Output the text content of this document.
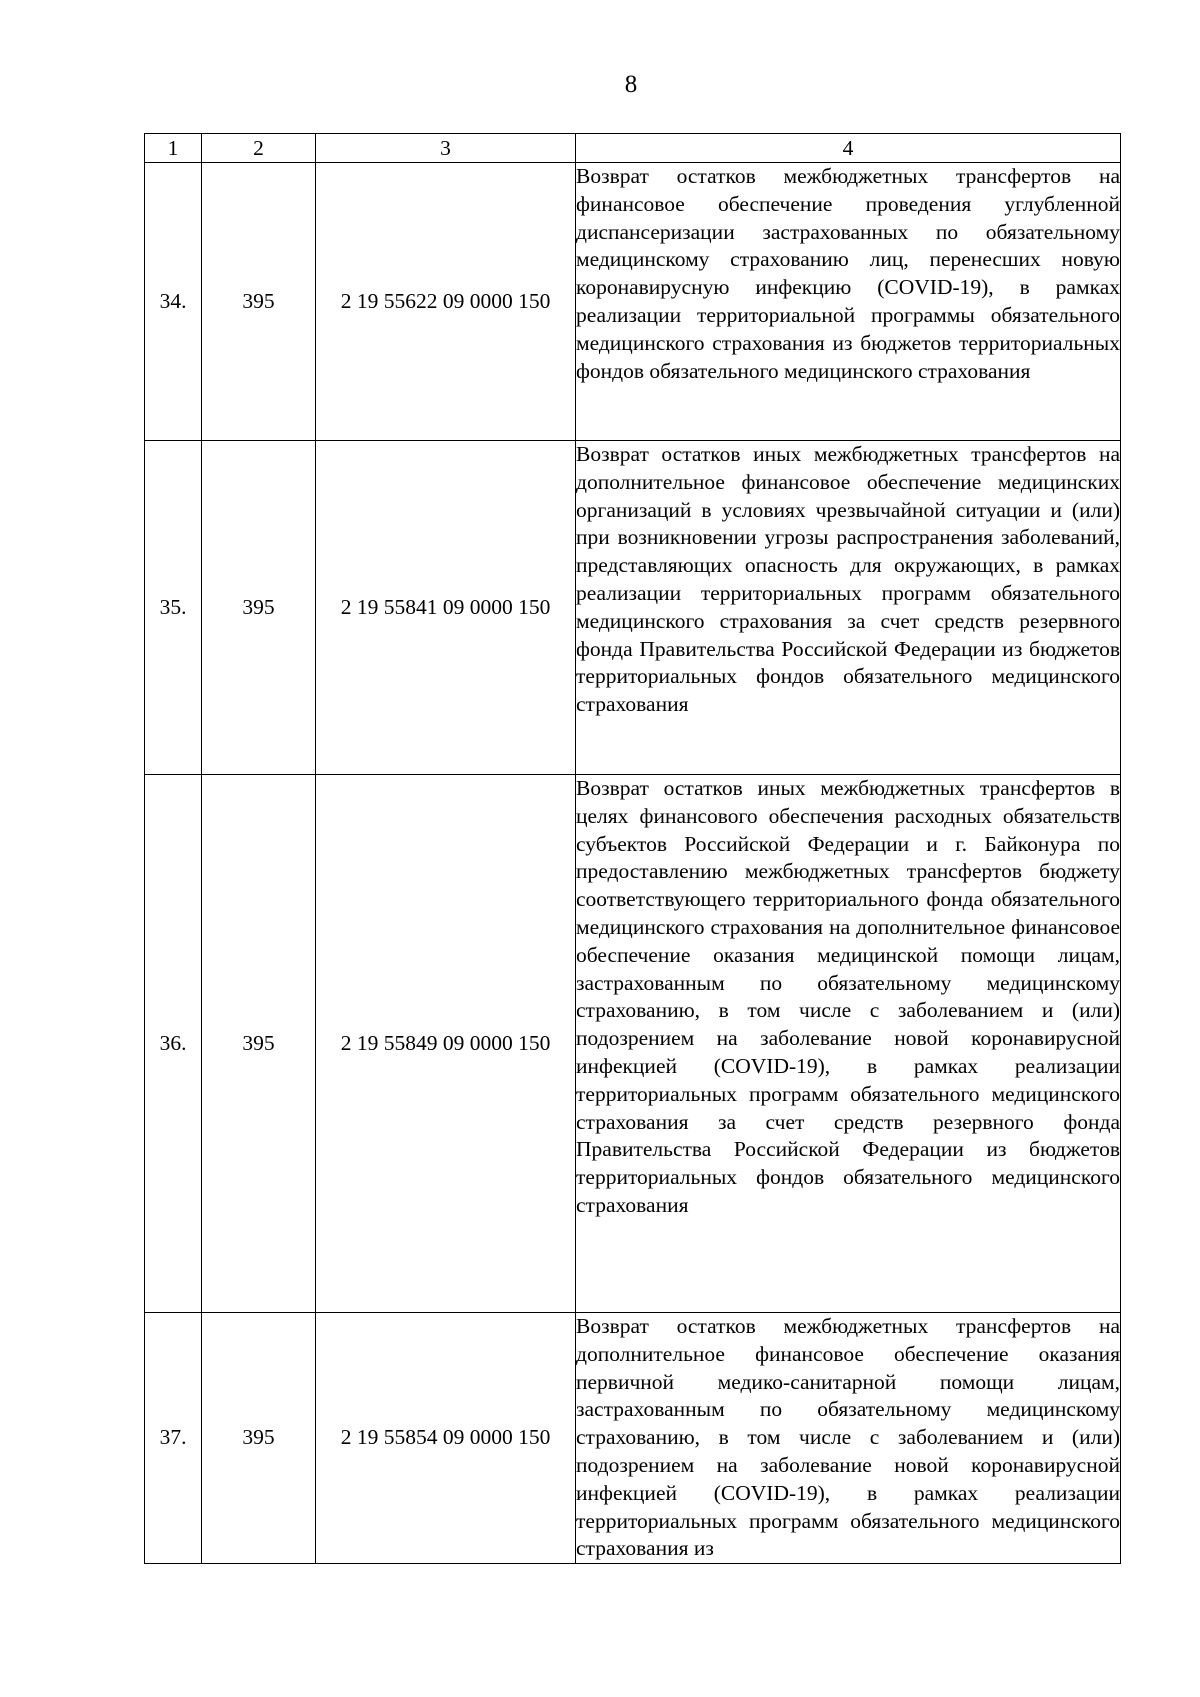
8
1	2	3	4
34.	395	2 19 55622 09 0000 150	Возврат остатков межбюджетных трансфертов на финансовое обеспечение проведения углубленной диспансеризации застрахованных по обязательному медицинскому страхованию лиц, перенесших новую коронавирусную инфекцию (COVID-19), в рамках реализации территориальной программы обязательного медицинского страхования из бюджетов территориальных фондов обязательного медицинского страхования

35.	395	2 19 55841 09 0000 150	Возврат остатков иных межбюджетных трансфертов на дополнительное финансовое обеспечение медицинских организаций в условиях чрезвычайной ситуации и (или) при возникновении угрозы распространения заболеваний, представляющих опасность для окружающих, в рамках реализации территориальных программ обязательного медицинского страхования за счет средств резервного фонда Правительства Российской Федерации из бюджетов территориальных фондов обязательного медицинского страхования

36.	395	2 19 55849 09 0000 150	Возврат остатков иных межбюджетных трансфертов в целях финансового обеспечения расходных обязательств субъектов Российской Федерации и г. Байконура по предоставлению межбюджетных трансфертов бюджету соответствующего территориального фонда обязательного медицинского страхования на дополнительное финансовое обеспечение оказания медицинской помощи лицам, застрахованным по обязательному медицинскому страхованию, в том числе с заболеванием и (или) подозрением на заболевание новой коронавирусной инфекцией (COVID-19), в рамках реализации территориальных программ обязательного медицинского страхования за счет средств резервного фонда Правительства Российской Федерации из бюджетов территориальных фондов обязательного медицинского страхования

37.	395	2 19 55854 09 0000 150	Возврат остатков межбюджетных трансфертов на дополнительное финансовое обеспечение оказания первичной медико-санитарной помощи лицам, застрахованным по обязательному медицинскому страхованию, в том числе с заболеванием и (или) подозрением на заболевание новой коронавирусной инфекцией (COVID-19), в рамках реализации территориальных программ обязательного медицинского страхования из
